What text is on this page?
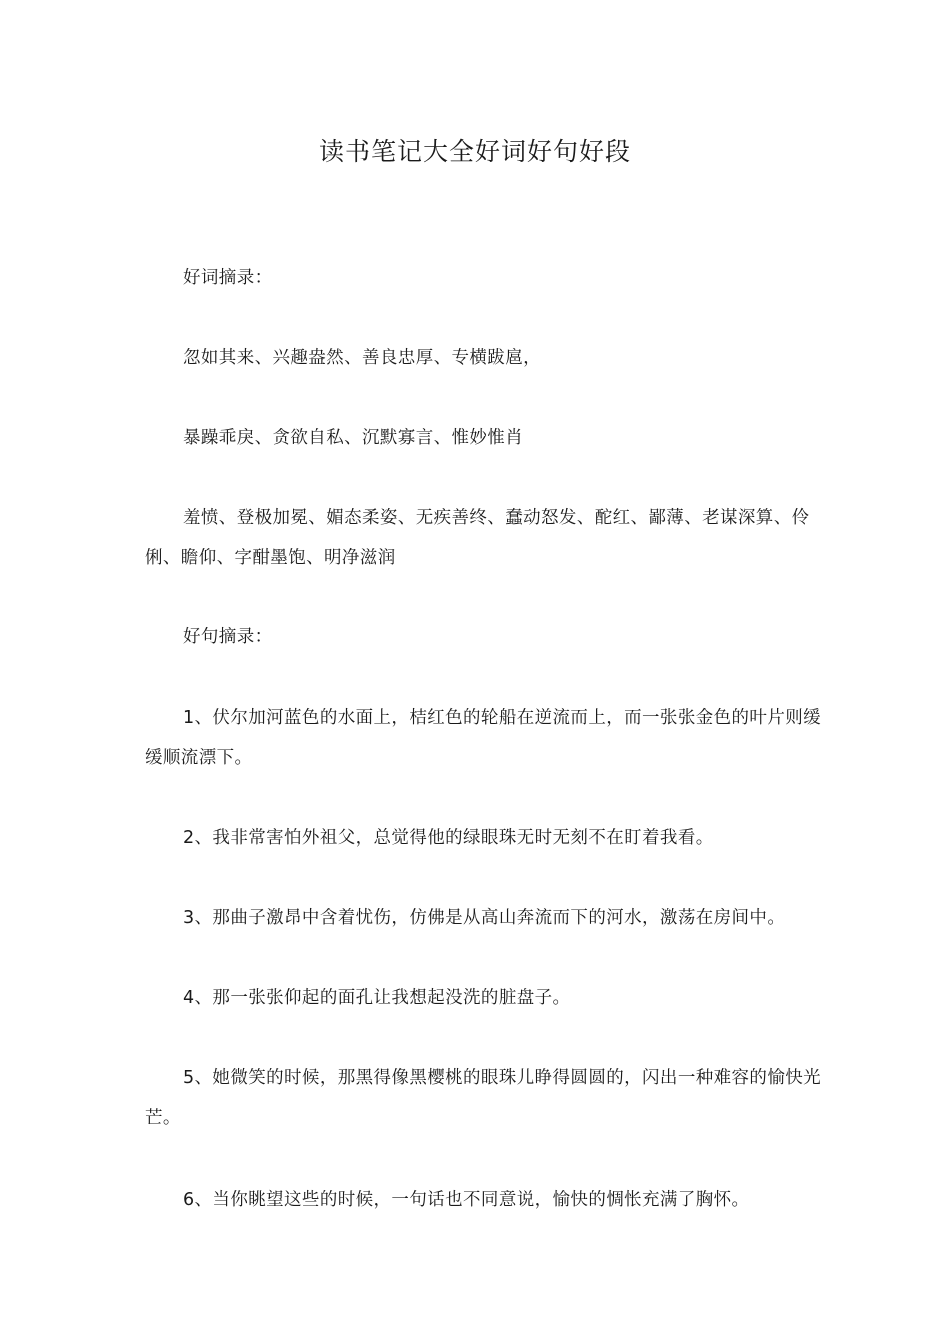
读书笔记大全好词好句好段

好词摘录：

忽如其来、兴趣盎然、善良忠厚、专横跋扈，

暴躁乖戾、贪欲自私、沉默寡言、惟妙惟肖

羞愤、登极加冕、媚态柔姿、无疾善终、蠢动怒发、酡红、鄙薄、老谋深算、伶俐、瞻仰、字酣墨饱、明净滋润

好句摘录：

1、伏尔加河蓝色的水面上，桔红色的轮船在逆流而上，而一张张金色的叶片则缓缓顺流漂下。

2、我非常害怕外祖父，总觉得他的绿眼珠无时无刻不在盯着我看。

3、那曲子激昂中含着忧伤，仿佛是从高山奔流而下的河水，激荡在房间中。

4、那一张张仰起的面孔让我想起没洗的脏盘子。

5、她微笑的时候，那黑得像黑樱桃的眼珠儿睁得圆圆的，闪出一种难容的愉快光芒。

6、当你眺望这些的时候，一句话也不同意说，愉快的惆怅充满了胸怀。
